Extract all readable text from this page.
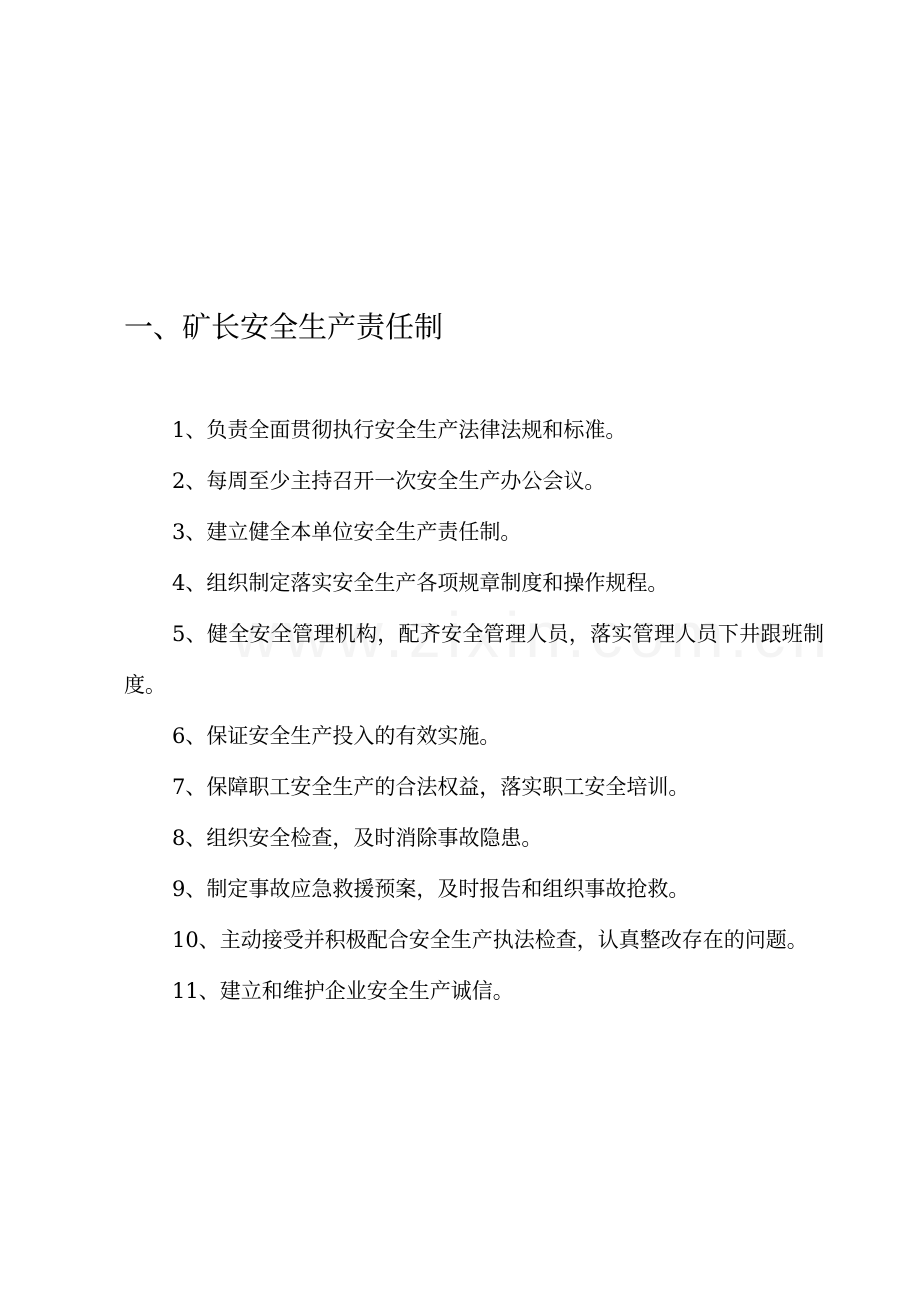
一、矿长安全生产责任制
1、负责全面贯彻执行安全生产法律法规和标准。
2、每周至少主持召开一次安全生产办公会议。
3、建立健全本单位安全生产责任制。
4、组织制定落实安全生产各项规章制度和操作规程。
5、健全安全管理机构，配齐安全管理人员，落实管理人员下井跟班制度。
6、保证安全生产投入的有效实施。
7、保障职工安全生产的合法权益，落实职工安全培训。
8、组织安全检查，及时消除事故隐患。
9、制定事故应急救援预案，及时报告和组织事故抢救。
10、主动接受并积极配合安全生产执法检查，认真整改存在的问题。
11、建立和维护企业安全生产诚信。
